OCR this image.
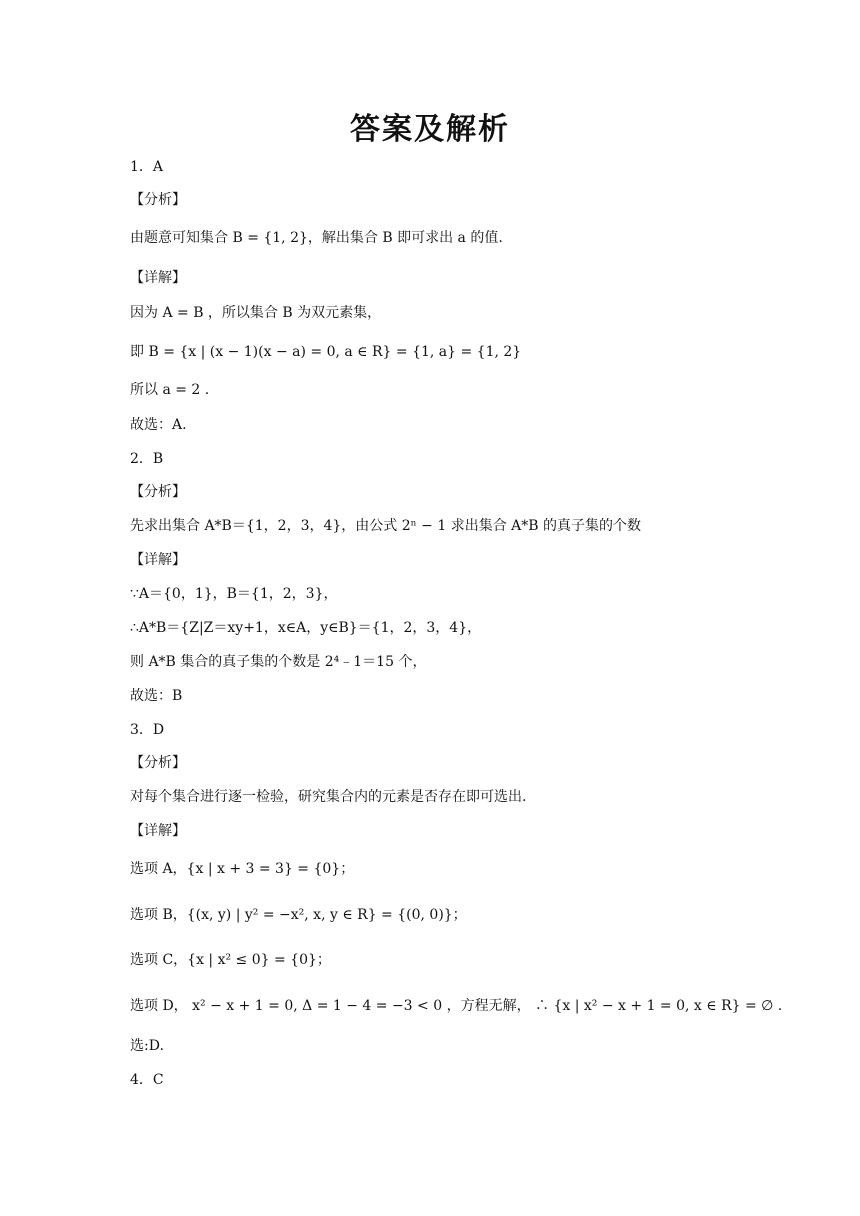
答案及解析
1．A
【分析】
由题意可知集合 B = {1, 2}，解出集合 B 即可求出 a 的值.
【详解】
因为 A = B ，所以集合 B 为双元素集，
即 B = {x | (x − 1)(x − a) = 0, a ∈ R} = {1, a} = {1, 2}
所以 a = 2 .
故选：A.
2．B
【分析】
先求出集合 A*B＝{1，2，3，4}，由公式 2ⁿ − 1 求出集合 A*B 的真子集的个数
【详解】
∵A＝{0，1}，B＝{1，2，3}，
∴A*B＝{Z|Z＝xy+1，x∈A，y∈B}＝{1，2，3，4}，
则 A*B 集合的真子集的个数是 2⁴﹣1＝15 个，
故选：B
3．D
【分析】
对每个集合进行逐一检验，研究集合内的元素是否存在即可选出.
【详解】
选项 A，{x | x + 3 = 3} = {0}；
选项 B，{(x, y) | y² = −x², x, y ∈ R} = {(0, 0)}；
选项 C，{x | x² ≤ 0} = {0}；
选项 D， x² − x + 1 = 0, Δ = 1 − 4 = −3 < 0 ，方程无解， ∴ {x | x² − x + 1 = 0, x ∈ R} = ∅ .
选:D.
4．C
